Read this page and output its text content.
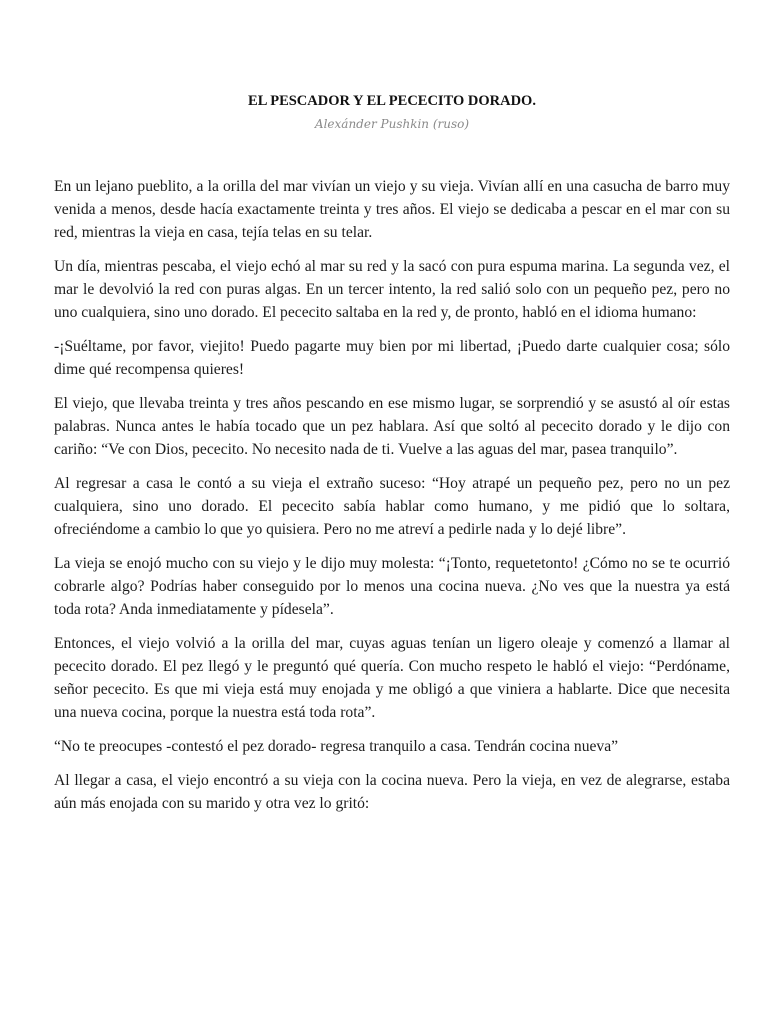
EL PESCADOR Y EL PECECITO DORADO.

Alexánder Pushkin (ruso)

En un lejano pueblito, a la orilla del mar vivían un viejo y su vieja. Vivían allí en una casucha de barro muy venida a menos, desde hacía exactamente treinta y tres años. El viejo se dedicaba a pescar en el mar con su red, mientras la vieja en casa, tejía telas en su telar.

Un día, mientras pescaba, el viejo echó al mar su red y la sacó con pura espuma marina. La segunda vez, el mar le devolvió la red con puras algas. En un tercer intento, la red salió solo con un pequeño pez, pero no uno cualquiera, sino uno dorado. El pececito saltaba en la red y, de pronto, habló en el idioma humano:

-¡Suéltame, por favor, viejito! Puedo pagarte muy bien por mi libertad, ¡Puedo darte cualquier cosa; sólo dime qué recompensa quieres!

El viejo, que llevaba treinta y tres años pescando en ese mismo lugar, se sorprendió y se asustó al oír estas palabras. Nunca antes le había tocado que un pez hablara. Así que soltó al pececito dorado y le dijo con cariño: “Ve con Dios, pececito. No necesito nada de ti. Vuelve a las aguas del mar, pasea tranquilo”.

Al regresar a casa le contó a su vieja el extraño suceso: “Hoy atrapé un pequeño pez, pero no un pez cualquiera, sino uno dorado. El pececito sabía hablar como humano, y me pidió que lo soltara, ofreciéndome a cambio lo que yo quisiera. Pero no me atreví a pedirle nada y lo dejé libre”.

La vieja se enojó mucho con su viejo y le dijo muy molesta: “¡Tonto, requetetonto! ¿Cómo no se te ocurrió cobrarle algo? Podrías haber conseguido por lo menos una cocina nueva. ¿No ves que la nuestra ya está toda rota? Anda inmediatamente y pídesela”.

Entonces, el viejo volvió a la orilla del mar, cuyas aguas tenían un ligero oleaje y comenzó a llamar al pececito dorado. El pez llegó y le preguntó qué quería. Con mucho respeto le habló el viejo: “Perdóname, señor pececito. Es que mi vieja está muy enojada y me obligó a que viniera a hablarte. Dice que necesita una nueva cocina, porque la nuestra está toda rota”.

“No te preocupes -contestó el pez dorado- regresa tranquilo a casa. Tendrán cocina nueva”

Al llegar a casa, el viejo encontró a su vieja con la cocina nueva. Pero la vieja, en vez de alegrarse, estaba aún más enojada con su marido y otra vez lo gritó:
